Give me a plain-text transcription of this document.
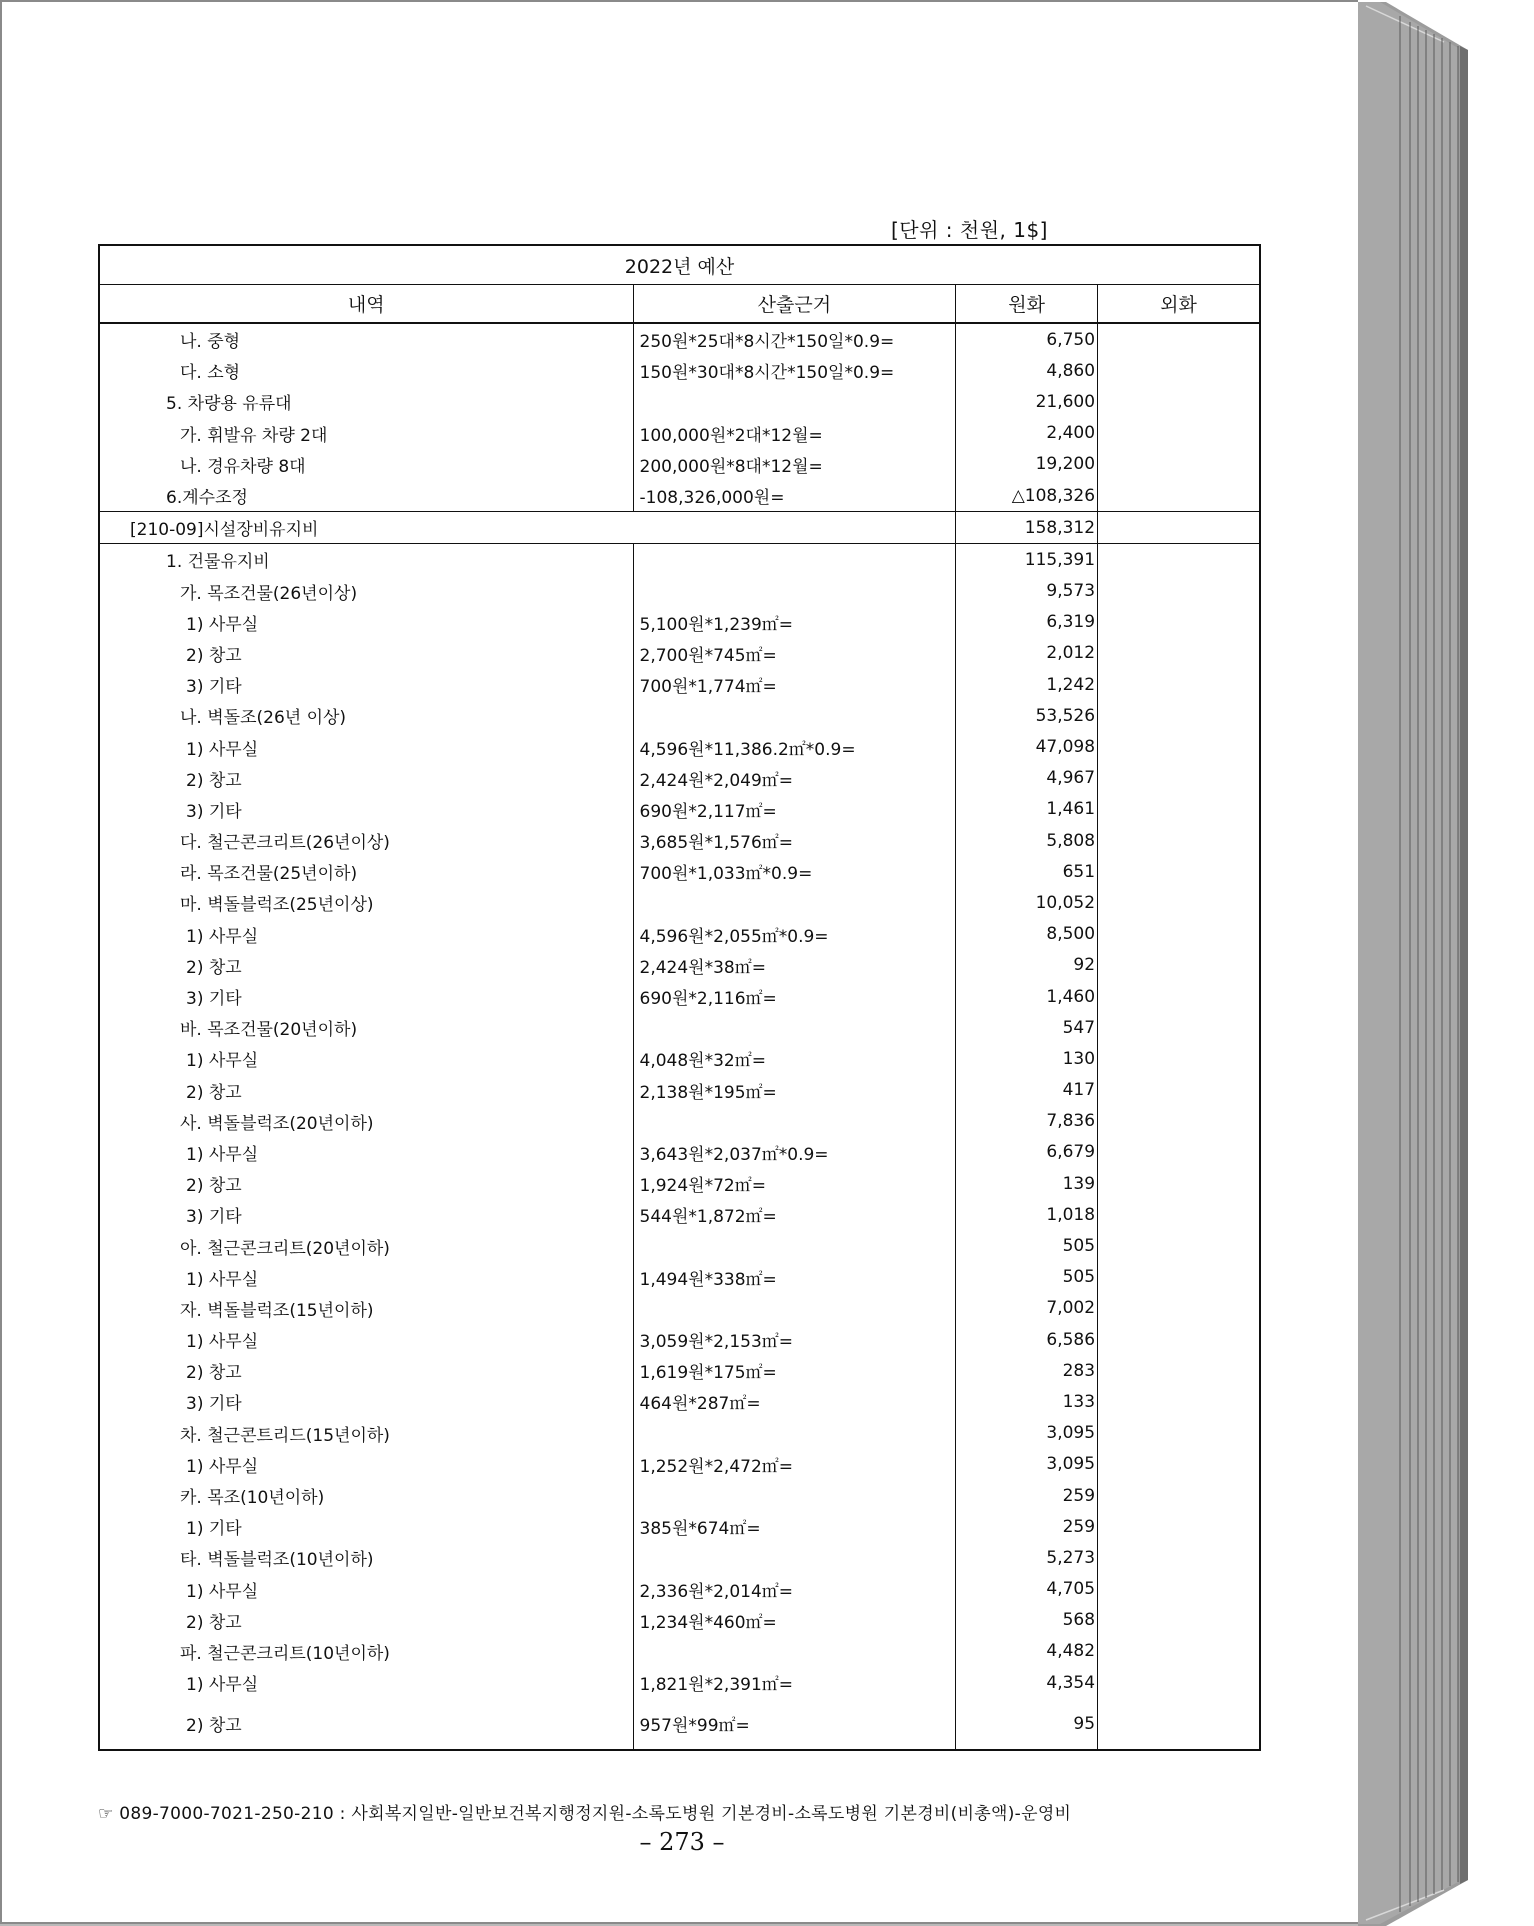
[단위 : 천원, 1$]
2022년 예산			
내역	산출근거	원화	외화
나. 중형	250원*25대*8시간*150일*0.9=	6,750	
다. 소형	150원*30대*8시간*150일*0.9=	4,860	
5. 차량용 유류대		21,600	
가. 휘발유 차량 2대	100,000원*2대*12월=	2,400	
나. 경유차량 8대	200,000원*8대*12월=	19,200	
6.계수조정	-108,326,000원=	△108,326	
[210-09]시설장비유지비		158,312	
1. 건물유지비		115,391	
가. 목조건물(26년이상)		9,573	
1) 사무실	5,100원*1,239㎡=	6,319	
2) 창고	2,700원*745㎡=	2,012	
3) 기타	700원*1,774㎡=	1,242	
나. 벽돌조(26년 이상)		53,526	
1) 사무실	4,596원*11,386.2㎡*0.9=	47,098	
2) 창고	2,424원*2,049㎡=	4,967	
3) 기타	690원*2,117㎡=	1,461	
다. 철근콘크리트(26년이상)	3,685원*1,576㎡=	5,808	
라. 목조건물(25년이하)	700원*1,033㎡*0.9=	651	
마. 벽돌블럭조(25년이상)		10,052	
1) 사무실	4,596원*2,055㎡*0.9=	8,500	
2) 창고	2,424원*38㎡=	92	
3) 기타	690원*2,116㎡=	1,460	
바. 목조건물(20년이하)		547	
1) 사무실	4,048원*32㎡=	130	
2) 창고	2,138원*195㎡=	417	
사. 벽돌블럭조(20년이하)		7,836	
1) 사무실	3,643원*2,037㎡*0.9=	6,679	
2) 창고	1,924원*72㎡=	139	
3) 기타	544원*1,872㎡=	1,018	
아. 철근콘크리트(20년이하)		505	
1) 사무실	1,494원*338㎡=	505	
자. 벽돌블럭조(15년이하)		7,002	
1) 사무실	3,059원*2,153㎡=	6,586	
2) 창고	1,619원*175㎡=	283	
3) 기타	464원*287㎡=	133	
차. 철근콘트리드(15년이하)		3,095	
1) 사무실	1,252원*2,472㎡=	3,095	
카. 목조(10년이하)		259	
1) 기타	385원*674㎡=	259	
타. 벽돌블럭조(10년이하)		5,273	
1) 사무실	2,336원*2,014㎡=	4,705	
2) 창고	1,234원*460㎡=	568	
파. 철근콘크리트(10년이하)		4,482	
1) 사무실	1,821원*2,391㎡=	4,354	
2) 창고	957원*99㎡=	95	
☞ 089-7000-7021-250-210 : 사회복지일반-일반보건복지행정지원-소록도병원 기본경비-소록도병원 기본경비(비총액)-운영비
– 273 –
